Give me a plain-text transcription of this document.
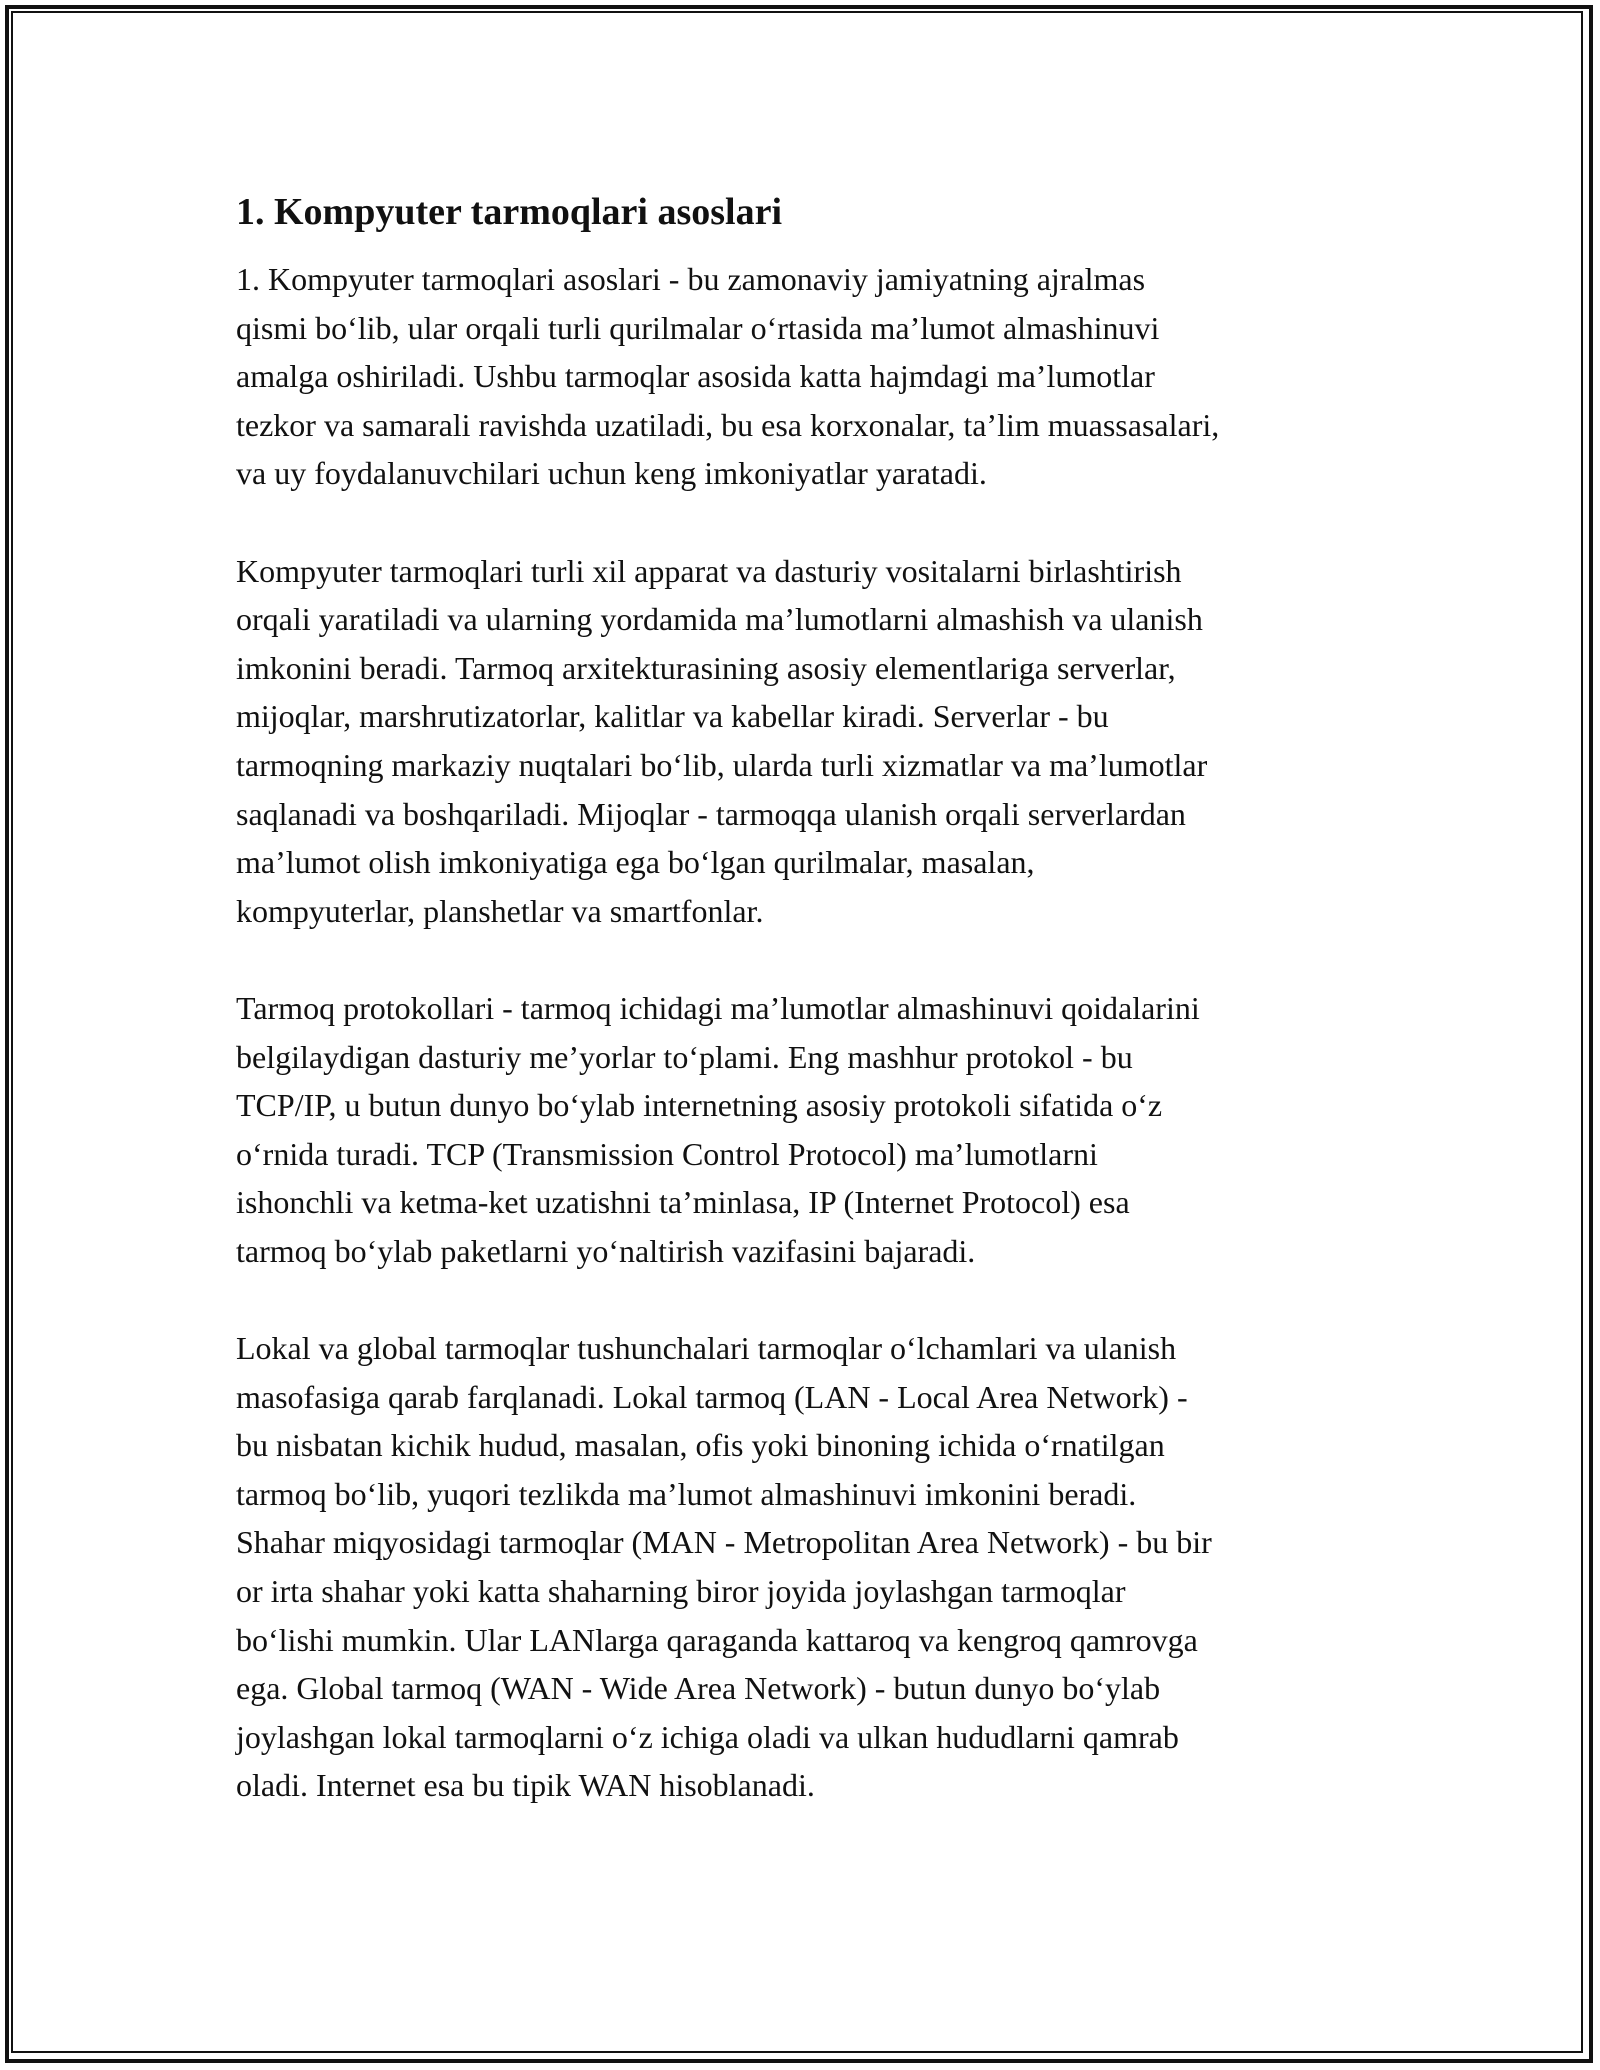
1. Kompyuter tarmoqlari asoslari

1. Kompyuter tarmoqlari asoslari - bu zamonaviy jamiyatning ajralmas
qismi bo‘lib, ular orqali turli qurilmalar o‘rtasida ma’lumot almashinuvi
amalga oshiriladi. Ushbu tarmoqlar asosida katta hajmdagi ma’lumotlar
tezkor va samarali ravishda uzatiladi, bu esa korxonalar, ta’lim muassasalari,
va uy foydalanuvchilari uchun keng imkoniyatlar yaratadi.

Kompyuter tarmoqlari turli xil apparat va dasturiy vositalarni birlashtirish
orqali yaratiladi va ularning yordamida ma’lumotlarni almashish va ulanish
imkonini beradi. Tarmoq arxitekturasining asosiy elementlariga serverlar,
mijoqlar, marshrutizatorlar, kalitlar va kabellar kiradi. Serverlar - bu
tarmoqning markaziy nuqtalari bo‘lib, ularda turli xizmatlar va ma’lumotlar
saqlanadi va boshqariladi. Mijoqlar - tarmoqqa ulanish orqali serverlardan
ma’lumot olish imkoniyatiga ega bo‘lgan qurilmalar, masalan,
kompyuterlar, planshetlar va smartfonlar.

Tarmoq protokollari - tarmoq ichidagi ma’lumotlar almashinuvi qoidalarini
belgilaydigan dasturiy me’yorlar to‘plami. Eng mashhur protokol - bu
TCP/IP, u butun dunyo bo‘ylab internetning asosiy protokoli sifatida o‘z
o‘rnida turadi. TCP (Transmission Control Protocol) ma’lumotlarni
ishonchli va ketma-ket uzatishni ta’minlasa, IP (Internet Protocol) esa
tarmoq bo‘ylab paketlarni yo‘naltirish vazifasini bajaradi.

Lokal va global tarmoqlar tushunchalari tarmoqlar o‘lchamlari va ulanish
masofasiga qarab farqlanadi. Lokal tarmoq (LAN - Local Area Network) -
bu nisbatan kichik hudud, masalan, ofis yoki binoning ichida o‘rnatilgan
tarmoq bo‘lib, yuqori tezlikda ma’lumot almashinuvi imkonini beradi.
Shahar miqyosidagi tarmoqlar (MAN - Metropolitan Area Network) - bu bir
or irta shahar yoki katta shaharning biror joyida joylashgan tarmoqlar
bo‘lishi mumkin. Ular LANlarga qaraganda kattaroq va kengroq qamrovga
ega. Global tarmoq (WAN - Wide Area Network) - butun dunyo bo‘ylab
joylashgan lokal tarmoqlarni o‘z ichiga oladi va ulkan hududlarni qamrab
oladi. Internet esa bu tipik WAN hisoblanadi.
